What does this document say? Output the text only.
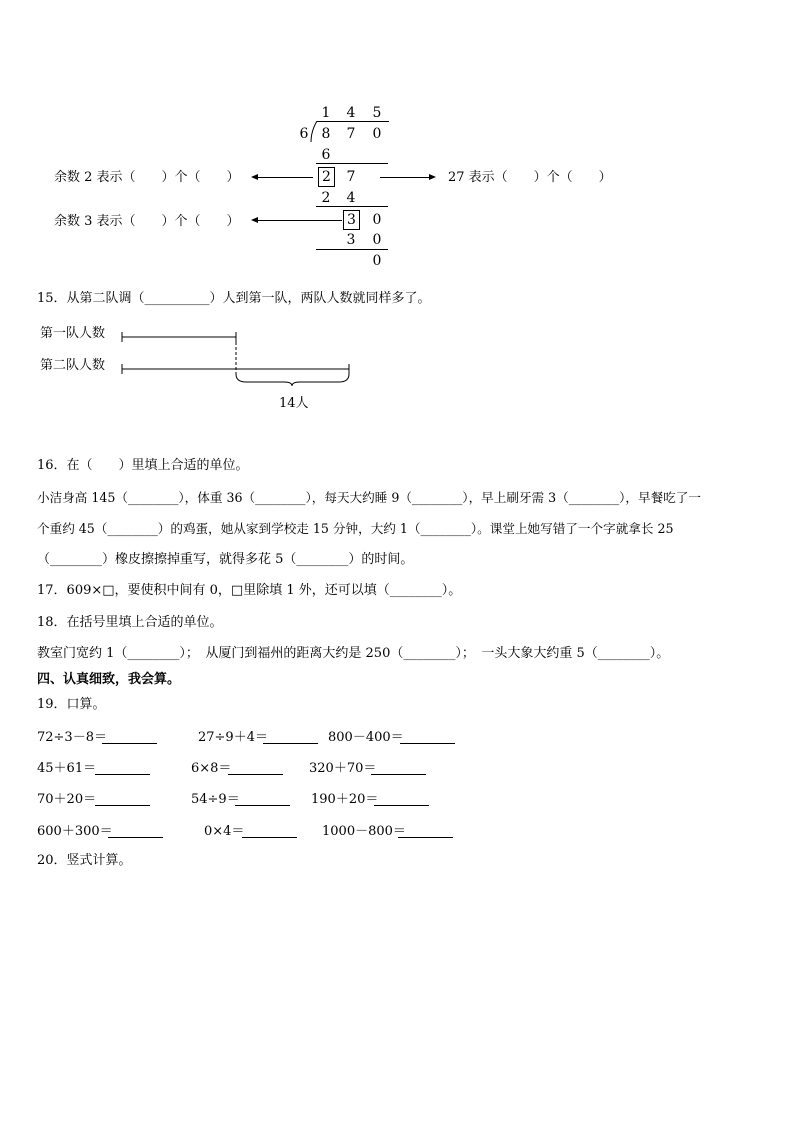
1 4 5
6 8 7 0
6
2 7
2 4
3 0
3 0
0
余数 2 表示（　　）个（　　）	27 表示（　　）个（　　）
余数 3 表示（　　）个（　　）
15．从第二队调（__________）人到第一队，两队人数就同样多了。
第一队人数
第二队人数
14人
16．在（　　）里填上合适的单位。
小洁身高 145（________），体重 36（________），每天大约睡 9（________），早上刷牙需 3（________），早餐吃了一
个重约 45（________）的鸡蛋，她从家到学校走 15 分钟，大约 1（________）。课堂上她写错了一个字就拿长 25
（________）橡皮擦擦掉重写，就得多花 5（________）的时间。
17．609×□，要使积中间有 0，□里除填 1 外，还可以填（________）。
18．在括号里填上合适的单位。
教室门宽约 1（________）；　从厦门到福州的距离大约是 250（________）；　一头大象大约重 5（________）。
四、认真细致，我会算。
19．口算。
72÷3－8＝	27÷9＋4＝	800－400＝
45＋61＝	6×8＝	320＋70＝
70＋20＝	54÷9＝	190＋20＝
600＋300＝	0×4＝	1000－800＝
20．竖式计算。
